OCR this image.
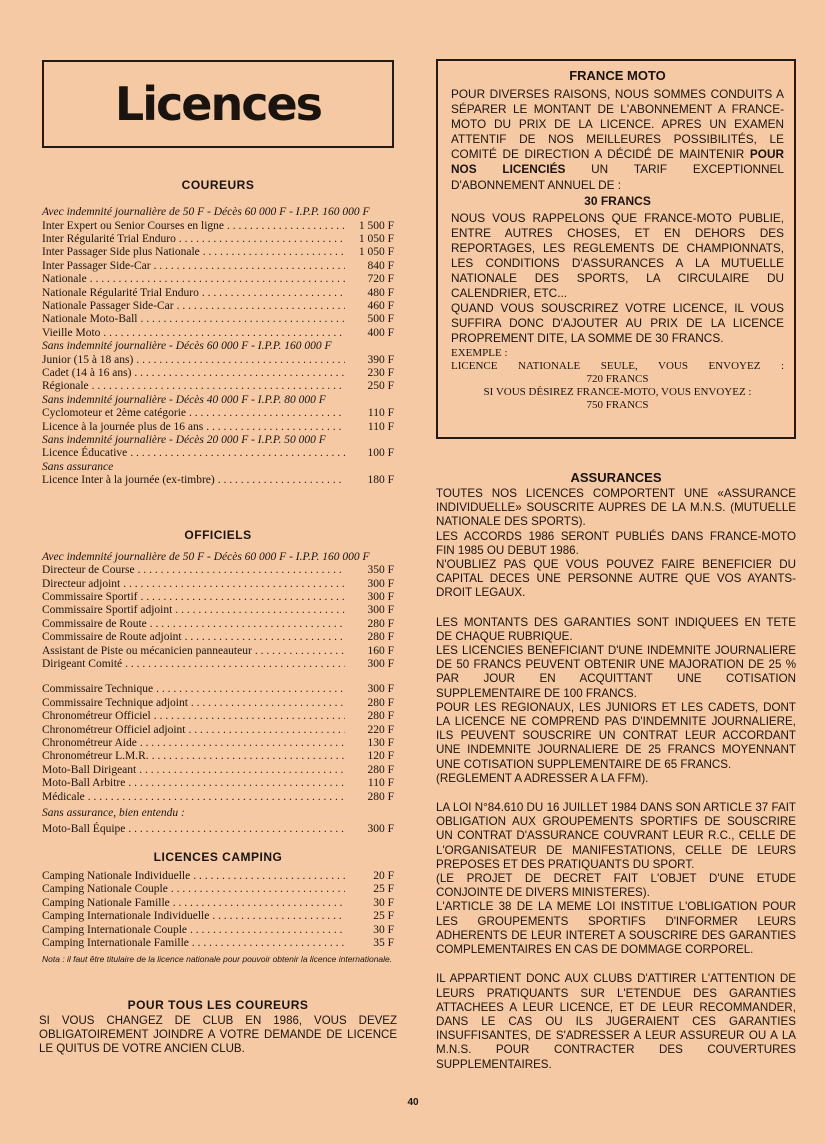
Licences

COUREURS

Avec indemnité journalière de 50 F - Décès 60 000 F - I.P.P. 160 000 F

Inter Expert ou Senior Courses en ligne . . .	1 500 F
Inter Régularité Trial Enduro . . .	1 050 F
Inter Passager Side plus Nationale . . .	1 050 F
Inter Passager Side-Car . . .	840 F
Nationale . . .	720 F
Nationale Régularité Trial Enduro . . .	480 F
Nationale Passager Side-Car . . .	460 F
Nationale Moto-Ball . . .	500 F
Vieille Moto . . .	400 F
Sans indemnité journalière - Décès 60 000 F - I.P.P. 160 000 F
Junior (15 à 18 ans) . . .	390 F
Cadet (14 à 16 ans) . . .	230 F
Régionale . . .	250 F
Sans indemnité journalière - Décès 40 000 F - I.P.P. 80 000 F
Cyclomoteur et 2ème catégorie . . .	110 F
Licence à la journée plus de 16 ans . . .	110 F
Sans indemnité journalière - Décès 20 000 F - I.P.P. 50 000 F
Licence Éducative . . .	100 F
Sans assurance
Licence Inter à la journée (ex-timbre) . . .	180 F

OFFICIELS

Avec indemnité journalière de 50 F - Décès 60 000 F - I.P.P. 160 000 F

Directeur de Course . . .	350 F
Directeur adjoint . . .	300 F
Commissaire Sportif . . .	300 F
Commissaire Sportif adjoint . . .	300 F
Commissaire de Route . . .	280 F
Commissaire de Route adjoint . . .	280 F
Assistant de Piste ou mécanicien panneauteur . . .	160 F
Dirigeant Comité . . .	300 F
Commissaire Technique . . .	300 F
Commissaire Technique adjoint . . .	280 F
Chronométreur Officiel . . .	280 F
Chronométreur Officiel adjoint . . .	220 F
Chronométreur Aide . . .	130 F
Chronométreur L.M.R. . . .	120 F
Moto-Ball Dirigeant . . .	280 F
Moto-Ball Arbitre . . .	110 F
Médicale . . .	280 F

Sans assurance, bien entendu :

Moto-Ball Équipe . . .	300 F

LICENCES CAMPING

Camping Nationale Individuelle . . .	20 F
Camping Nationale Couple . . .	25 F
Camping Nationale Famille . . .	30 F
Camping Internationale Individuelle . . .	25 F
Camping Internationale Couple . . .	30 F
Camping Internationale Famille . . .	35 F

Nota : il faut être titulaire de la licence nationale pour pouvoir obtenir la licence internationale.

POUR TOUS LES COUREURS

SI VOUS CHANGEZ DE CLUB EN 1986, VOUS DEVEZ OBLIGATOIREMENT JOINDRE A VOTRE DEMANDE DE LICENCE LE QUITUS DE VOTRE ANCIEN CLUB.

FRANCE MOTO

POUR DIVERSES RAISONS, NOUS SOMMES CONDUITS A SÉPARER LE MONTANT DE L'ABONNEMENT A FRANCE-MOTO DU PRIX DE LA LICENCE. APRES UN EXAMEN ATTENTIF DE NOS MEILLEURES POSSIBILITÉS, LE COMITÉ DE DIRECTION A DÉCIDÉ DE MAINTENIR POUR NOS LICENCIÉS UN TARIF EXCEPTIONNEL D'ABONNEMENT ANNUEL DE :

30 FRANCS

NOUS VOUS RAPPELONS QUE FRANCE-MOTO PUBLIE, ENTRE AUTRES CHOSES, ET EN DEHORS DES REPORTAGES, LES REGLEMENTS DE CHAMPIONNATS, LES CONDITIONS D'ASSURANCES A LA MUTUELLE NATIONALE DES SPORTS, LA CIRCULAIRE DU CALENDRIER, ETC...

QUAND VOUS SOUSCRIREZ VOTRE LICENCE, IL VOUS SUFFIRA DONC D'AJOUTER AU PRIX DE LA LICENCE PROPREMENT DITE, LA SOMME DE 30 FRANCS.

EXEMPLE :

LICENCE NATIONALE SEULE, VOUS ENVOYEZ :

720 FRANCS

SI VOUS DÉSIREZ FRANCE-MOTO, VOUS ENVOYEZ :

750 FRANCS

ASSURANCES

TOUTES NOS LICENCES COMPORTENT UNE «ASSURANCE INDIVIDUELLE» SOUSCRITE AUPRES DE LA M.N.S. (MUTUELLE NATIONALE DES SPORTS).

LES ACCORDS 1986 SERONT PUBLIÉS DANS FRANCE-MOTO FIN 1985 OU DEBUT 1986.

N'OUBLIEZ PAS QUE VOUS POUVEZ FAIRE BENEFICIER DU CAPITAL DECES UNE PERSONNE AUTRE QUE VOS AYANTS-DROIT LEGAUX.

LES MONTANTS DES GARANTIES SONT INDIQUEES EN TETE DE CHAQUE RUBRIQUE.

LES LICENCIES BENEFICIANT D'UNE INDEMNITE JOURNALIERE DE 50 FRANCS PEUVENT OBTENIR UNE MAJORATION DE 25 % PAR JOUR EN ACQUITTANT UNE COTISATION SUPPLEMENTAIRE DE 100 FRANCS.

POUR LES REGIONAUX, LES JUNIORS ET LES CADETS, DONT LA LICENCE NE COMPREND PAS D'INDEMNITE JOURNALIERE, ILS PEUVENT SOUSCRIRE UN CONTRAT LEUR ACCORDANT UNE INDEMNITE JOURNALIERE DE 25 FRANCS MOYENNANT UNE COTISATION SUPPLEMENTAIRE DE 65 FRANCS.

(REGLEMENT A ADRESSER A LA FFM).

LA LOI N°84.610 DU 16 JUILLET 1984 DANS SON ARTICLE 37 FAIT OBLIGATION AUX GROUPEMENTS SPORTIFS DE SOUSCRIRE UN CONTRAT D'ASSURANCE COUVRANT LEUR R.C., CELLE DE L'ORGANISATEUR DE MANIFESTATIONS, CELLE DE LEURS PREPOSES ET DES PRATIQUANTS DU SPORT.

(LE PROJET DE DECRET FAIT L'OBJET D'UNE ETUDE CONJOINTE DE DIVERS MINISTERES).

L'ARTICLE 38 DE LA MEME LOI INSTITUE L'OBLIGATION POUR LES GROUPEMENTS SPORTIFS D'INFORMER LEURS ADHERENTS DE LEUR INTERET A SOUSCRIRE DES GARANTIES COMPLEMENTAIRES EN CAS DE DOMMAGE CORPOREL.

IL APPARTIENT DONC AUX CLUBS D'ATTIRER L'ATTENTION DE LEURS PRATIQUANTS SUR L'ETENDUE DES GARANTIES ATTACHEES A LEUR LICENCE, ET DE LEUR RECOMMANDER, DANS LE CAS OU ILS JUGERAIENT CES GARANTIES INSUFFISANTES, DE S'ADRESSER A LEUR ASSUREUR OU A LA M.N.S. POUR CONTRACTER DES COUVERTURES SUPPLEMENTAIRES.

40
